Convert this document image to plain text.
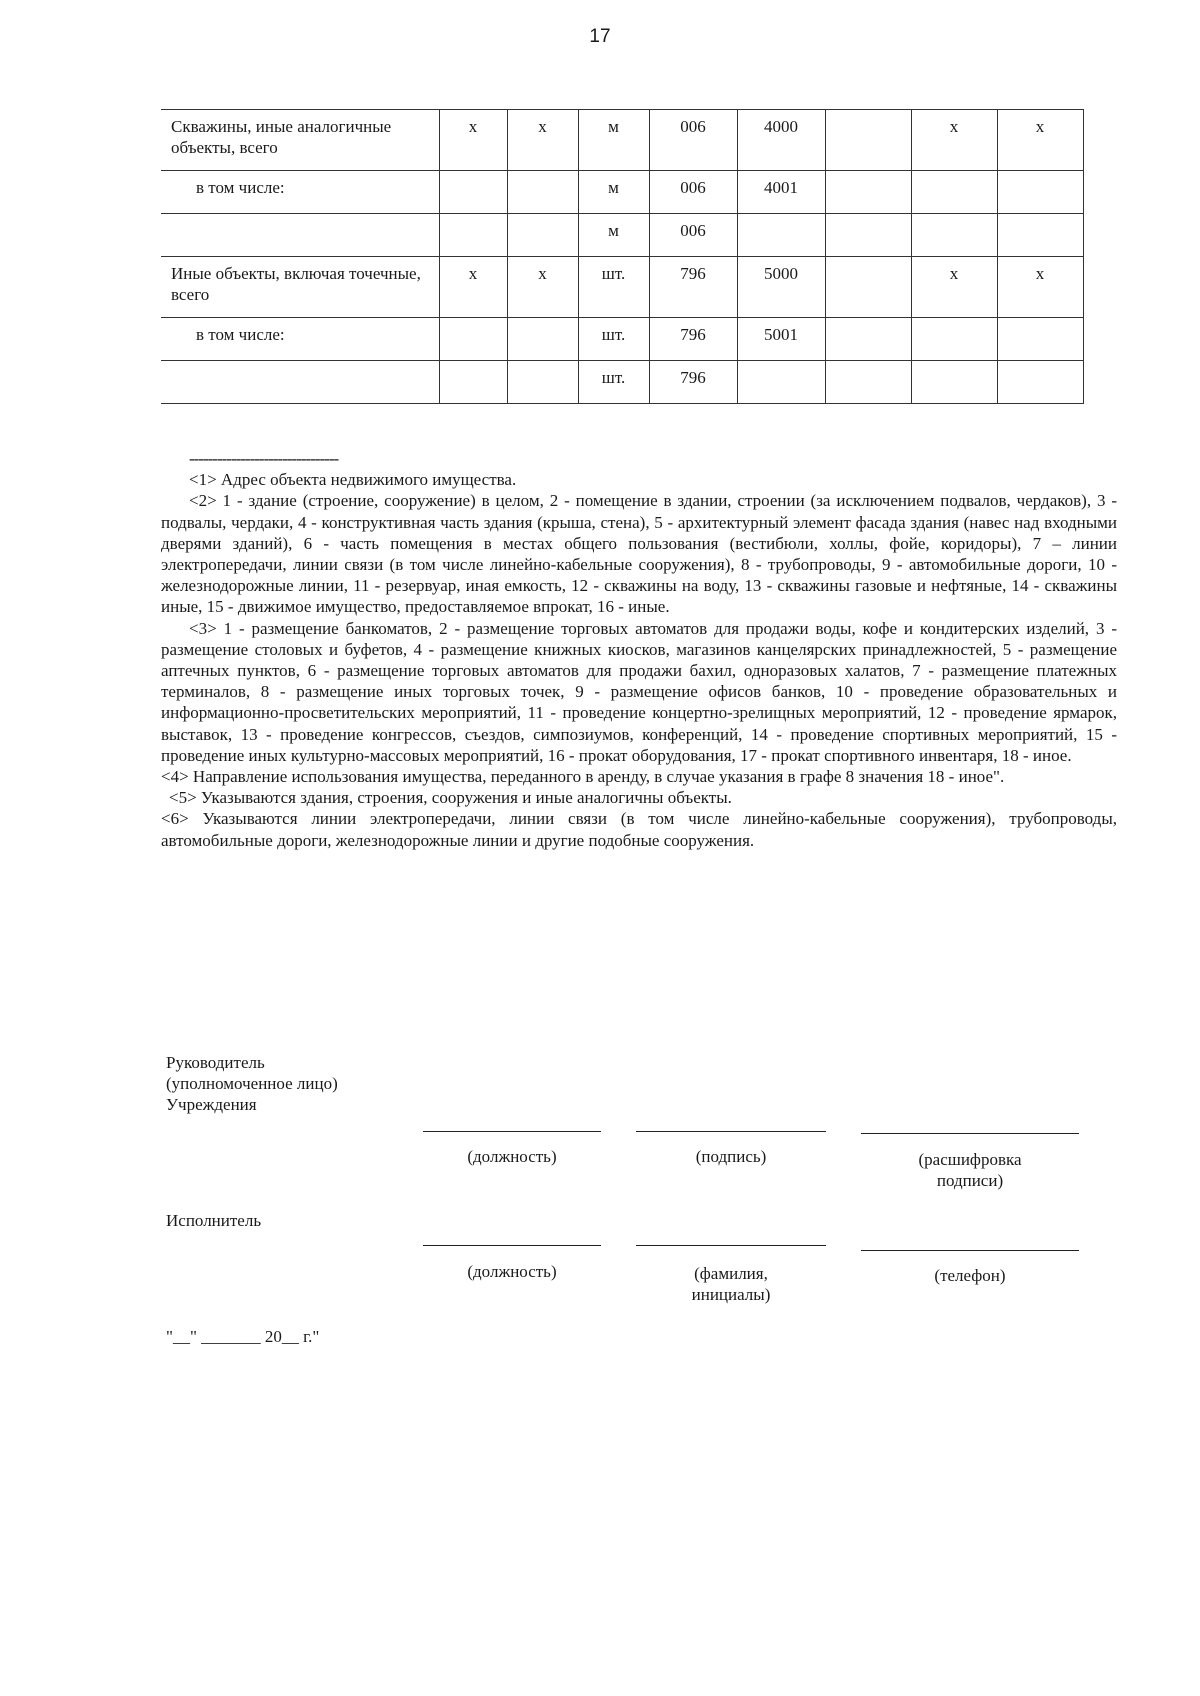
17
Скважины, иные аналогичные объекты, всего	x	x	м	006	4000		x	x
в том числе:			м	006	4001			
			м	006				
Иные объекты, включая точечные, всего	x	x	шт.	796	5000		x	x
в том числе:			шт.	796	5001			
			шт.	796				
--------------------------------

<1> Адрес объекта недвижимого имущества.

<2> 1 - здание (строение, сооружение) в целом, 2 - помещение в здании, строении (за исключением подвалов, чердаков), 3 - подвалы, чердаки, 4 - конструктивная часть здания (крыша, стена), 5 - архитектурный элемент фасада здания (навес над входными дверями зданий), 6 - часть помещения в местах общего пользования (вестибюли, холлы, фойе, коридоры), 7 – линии электропередачи, линии связи (в том числе линейно-кабельные сооружения), 8 - трубопроводы, 9 - автомобильные дороги, 10 - железнодорожные линии, 11 - резервуар, иная емкость, 12 - скважины на воду, 13 - скважины газовые и нефтяные, 14 - скважины иные, 15 - движимое имущество, предоставляемое впрокат, 16 - иные.

<3> 1 - размещение банкоматов, 2 - размещение торговых автоматов для продажи воды, кофе и кондитерских изделий, 3 - размещение столовых и буфетов, 4 - размещение книжных киосков, магазинов канцелярских принадлежностей, 5 - размещение аптечных пунктов, 6 - размещение торговых автоматов для продажи бахил, одноразовых халатов, 7 - размещение платежных терминалов, 8 - размещение иных торговых точек, 9 - размещение офисов банков, 10 - проведение образовательных и информационно-просветительских мероприятий, 11 - проведение концертно-зрелищных мероприятий, 12 - проведение ярмарок, выставок, 13 - проведение конгрессов, съездов, симпозиумов, конференций, 14 - проведение спортивных мероприятий, 15 - проведение иных культурно-массовых мероприятий, 16 - прокат оборудования, 17 - прокат спортивного инвентаря, 18 - иное.

<4> Направление использования имущества, переданного в аренду, в случае указания в графе 8 значения 18 - иное".

<5> Указываются здания, строения, сооружения и иные аналогичны объекты.

<6> Указываются линии электропередачи, линии связи (в том числе линейно-кабельные сооружения), трубопроводы, автомобильные дороги, железнодорожные линии и другие подобные сооружения.

Руководитель
(уполномоченное лицо)
Учреждения
(должность)	(подпись)	(расшифровка
подписи)
Исполнитель
(должность)	(фамилия,
инициалы)
(телефон)
"__" _______ 20__ г."
